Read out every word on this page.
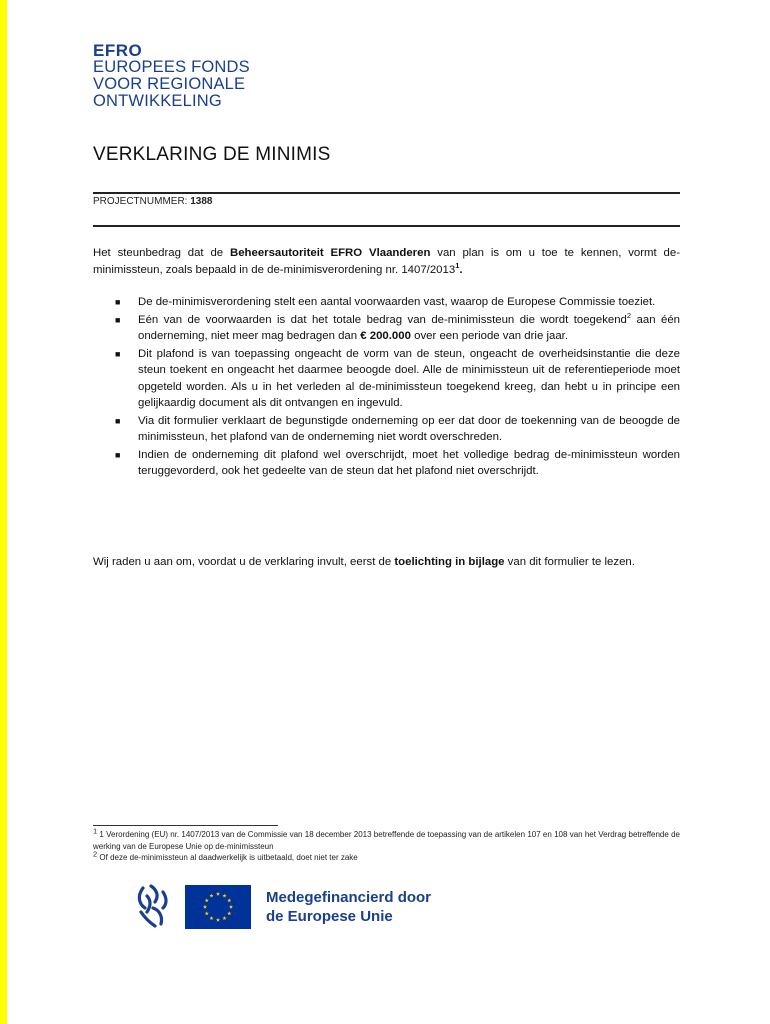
EFRO
EUROPEES FONDS
VOOR REGIONALE
ONTWIKKELING
VERKLARING DE MINIMIS
PROJECTNUMMER: 1388
Het steunbedrag dat de Beheersautoriteit EFRO Vlaanderen van plan is om u toe te kennen, vormt de-minimissteun, zoals bepaald in de de-minimisverordening nr. 1407/2013$^1$.
■ De de-minimisverordening stelt een aantal voorwaarden vast, waarop de Europese Commissie toeziet.
■ Eén van de voorwaarden is dat het totale bedrag van de-minimissteun die wordt toegekend$^2$ aan één onderneming, niet meer mag bedragen dan € 200.000 over een periode van drie jaar.
■ Dit plafond is van toepassing ongeacht de vorm van de steun, ongeacht de overheidsinstantie die deze steun toekent en ongeacht het daarmee beoogde doel. Alle de minimissteun uit de referentieperiode moet opgeteld worden. Als u in het verleden al de-minimissteun toegekend kreeg, dan hebt u in principe een gelijkaardig document als dit ontvangen en ingevuld.
■ Via dit formulier verklaart de begunstigde onderneming op eer dat door de toekenning van de beoogde de minimissteun, het plafond van de onderneming niet wordt overschreden.
■ Indien de onderneming dit plafond wel overschrijdt, moet het volledige bedrag de-minimissteun worden teruggevorderd, ook het gedeelte van de steun dat het plafond niet overschrijdt.
Wij raden u aan om, voordat u de verklaring invult, eerst de toelichting in bijlage van dit formulier te lezen.
$^1$ 1 Verordening (EU) nr. 1407/2013 van de Commissie van 18 december 2013 betreffende de toepassing van de artikelen 107 en 108 van het Verdrag betreffende de werking van de Europese Unie op de-minimissteun
$^2$ Of deze de-minimissteun al daadwerkelijk is uitbetaald, doet niet ter zake
Medegefinancierd door
de Europese Unie
